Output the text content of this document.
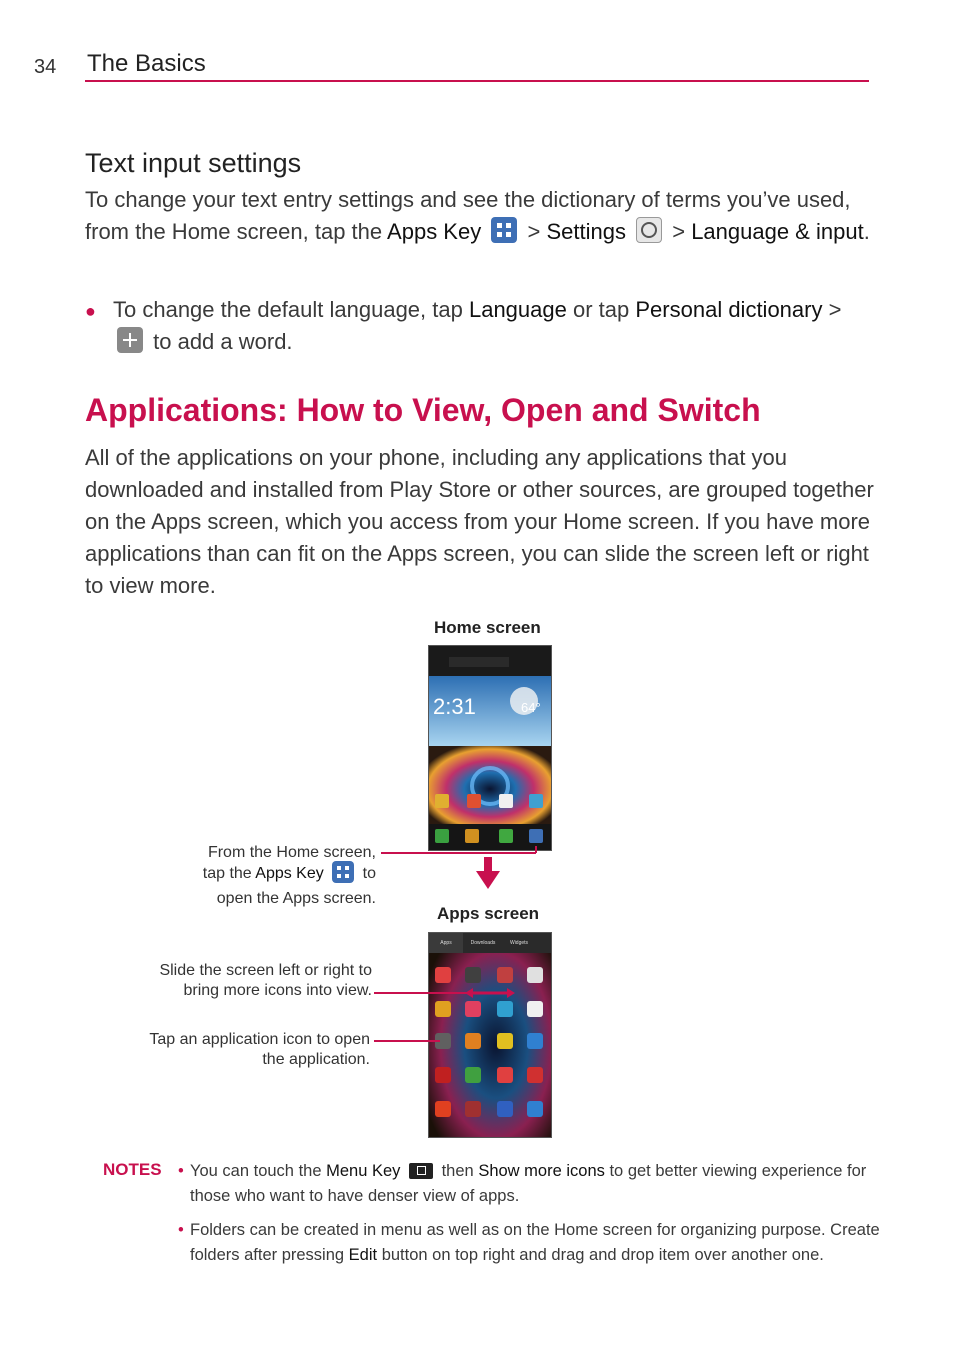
34 The Basics
Text input settings
To change your text entry settings and see the dictionary of terms you’ve used, from the Home screen, tap the Apps Key > Settings > Language & input.
● To change the default language, tap Language or tap Personal dictionary >  to add a word.
Applications: How to View, Open and Switch
All of the applications on your phone, including any applications that you downloaded and installed from Play Store or other sources, are grouped together on the Apps screen, which you access from your Home screen. If you have more applications than can fit on the Apps screen, you can slide the screen left or right to view more.
Home screen
2:31	64°
From the Home screen,
tap the Apps Key to
open the Apps screen.
Apps screen
Apps	Downloads	Widgets
Slide the screen left or right to
bring more icons into view.
Tap an application icon to open
the application.
NOTES • You can touch the Menu Key then Show more icons to get better viewing experience for those who want to have denser view of apps.
• Folders can be created in menu as well as on the Home screen for organizing purpose. Create folders after pressing Edit button on top right and drag and drop item over another one.
